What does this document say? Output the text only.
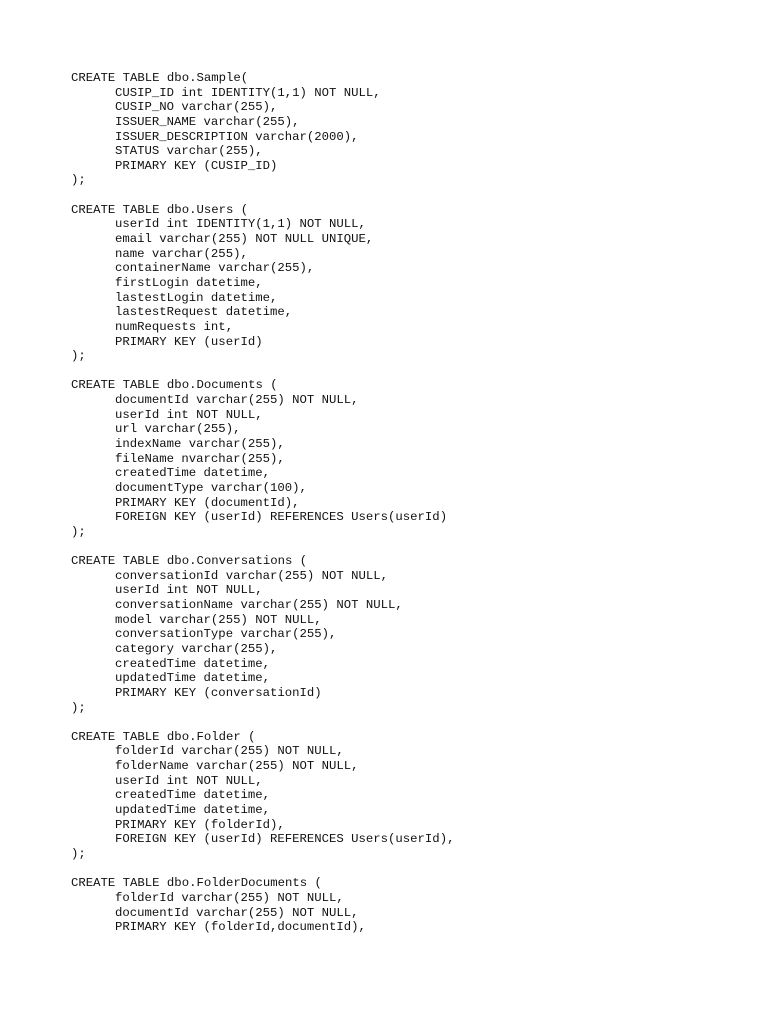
CREATE TABLE dbo.Sample(
CUSIP_ID int IDENTITY(1,1) NOT NULL,
CUSIP_NO varchar(255),
ISSUER_NAME varchar(255),
ISSUER_DESCRIPTION varchar(2000),
STATUS varchar(255),
PRIMARY KEY (CUSIP_ID)
);
CREATE TABLE dbo.Users (
userId int IDENTITY(1,1) NOT NULL,
email varchar(255) NOT NULL UNIQUE,
name varchar(255),
containerName varchar(255),
firstLogin datetime,
lastestLogin datetime,
lastestRequest datetime,
numRequests int,
PRIMARY KEY (userId)
);
CREATE TABLE dbo.Documents (
documentId varchar(255) NOT NULL,
userId int NOT NULL,
url varchar(255),
indexName varchar(255),
fileName nvarchar(255),
createdTime datetime,
documentType varchar(100),
PRIMARY KEY (documentId),
FOREIGN KEY (userId) REFERENCES Users(userId)
);
CREATE TABLE dbo.Conversations (
conversationId varchar(255) NOT NULL,
userId int NOT NULL,
conversationName varchar(255) NOT NULL,
model varchar(255) NOT NULL,
conversationType varchar(255),
category varchar(255),
createdTime datetime,
updatedTime datetime,
PRIMARY KEY (conversationId)
);
CREATE TABLE dbo.Folder (
folderId varchar(255) NOT NULL,
folderName varchar(255) NOT NULL,
userId int NOT NULL,
createdTime datetime,
updatedTime datetime,
PRIMARY KEY (folderId),
FOREIGN KEY (userId) REFERENCES Users(userId),
);
CREATE TABLE dbo.FolderDocuments (
folderId varchar(255) NOT NULL,
documentId varchar(255) NOT NULL,
PRIMARY KEY (folderId,documentId),
